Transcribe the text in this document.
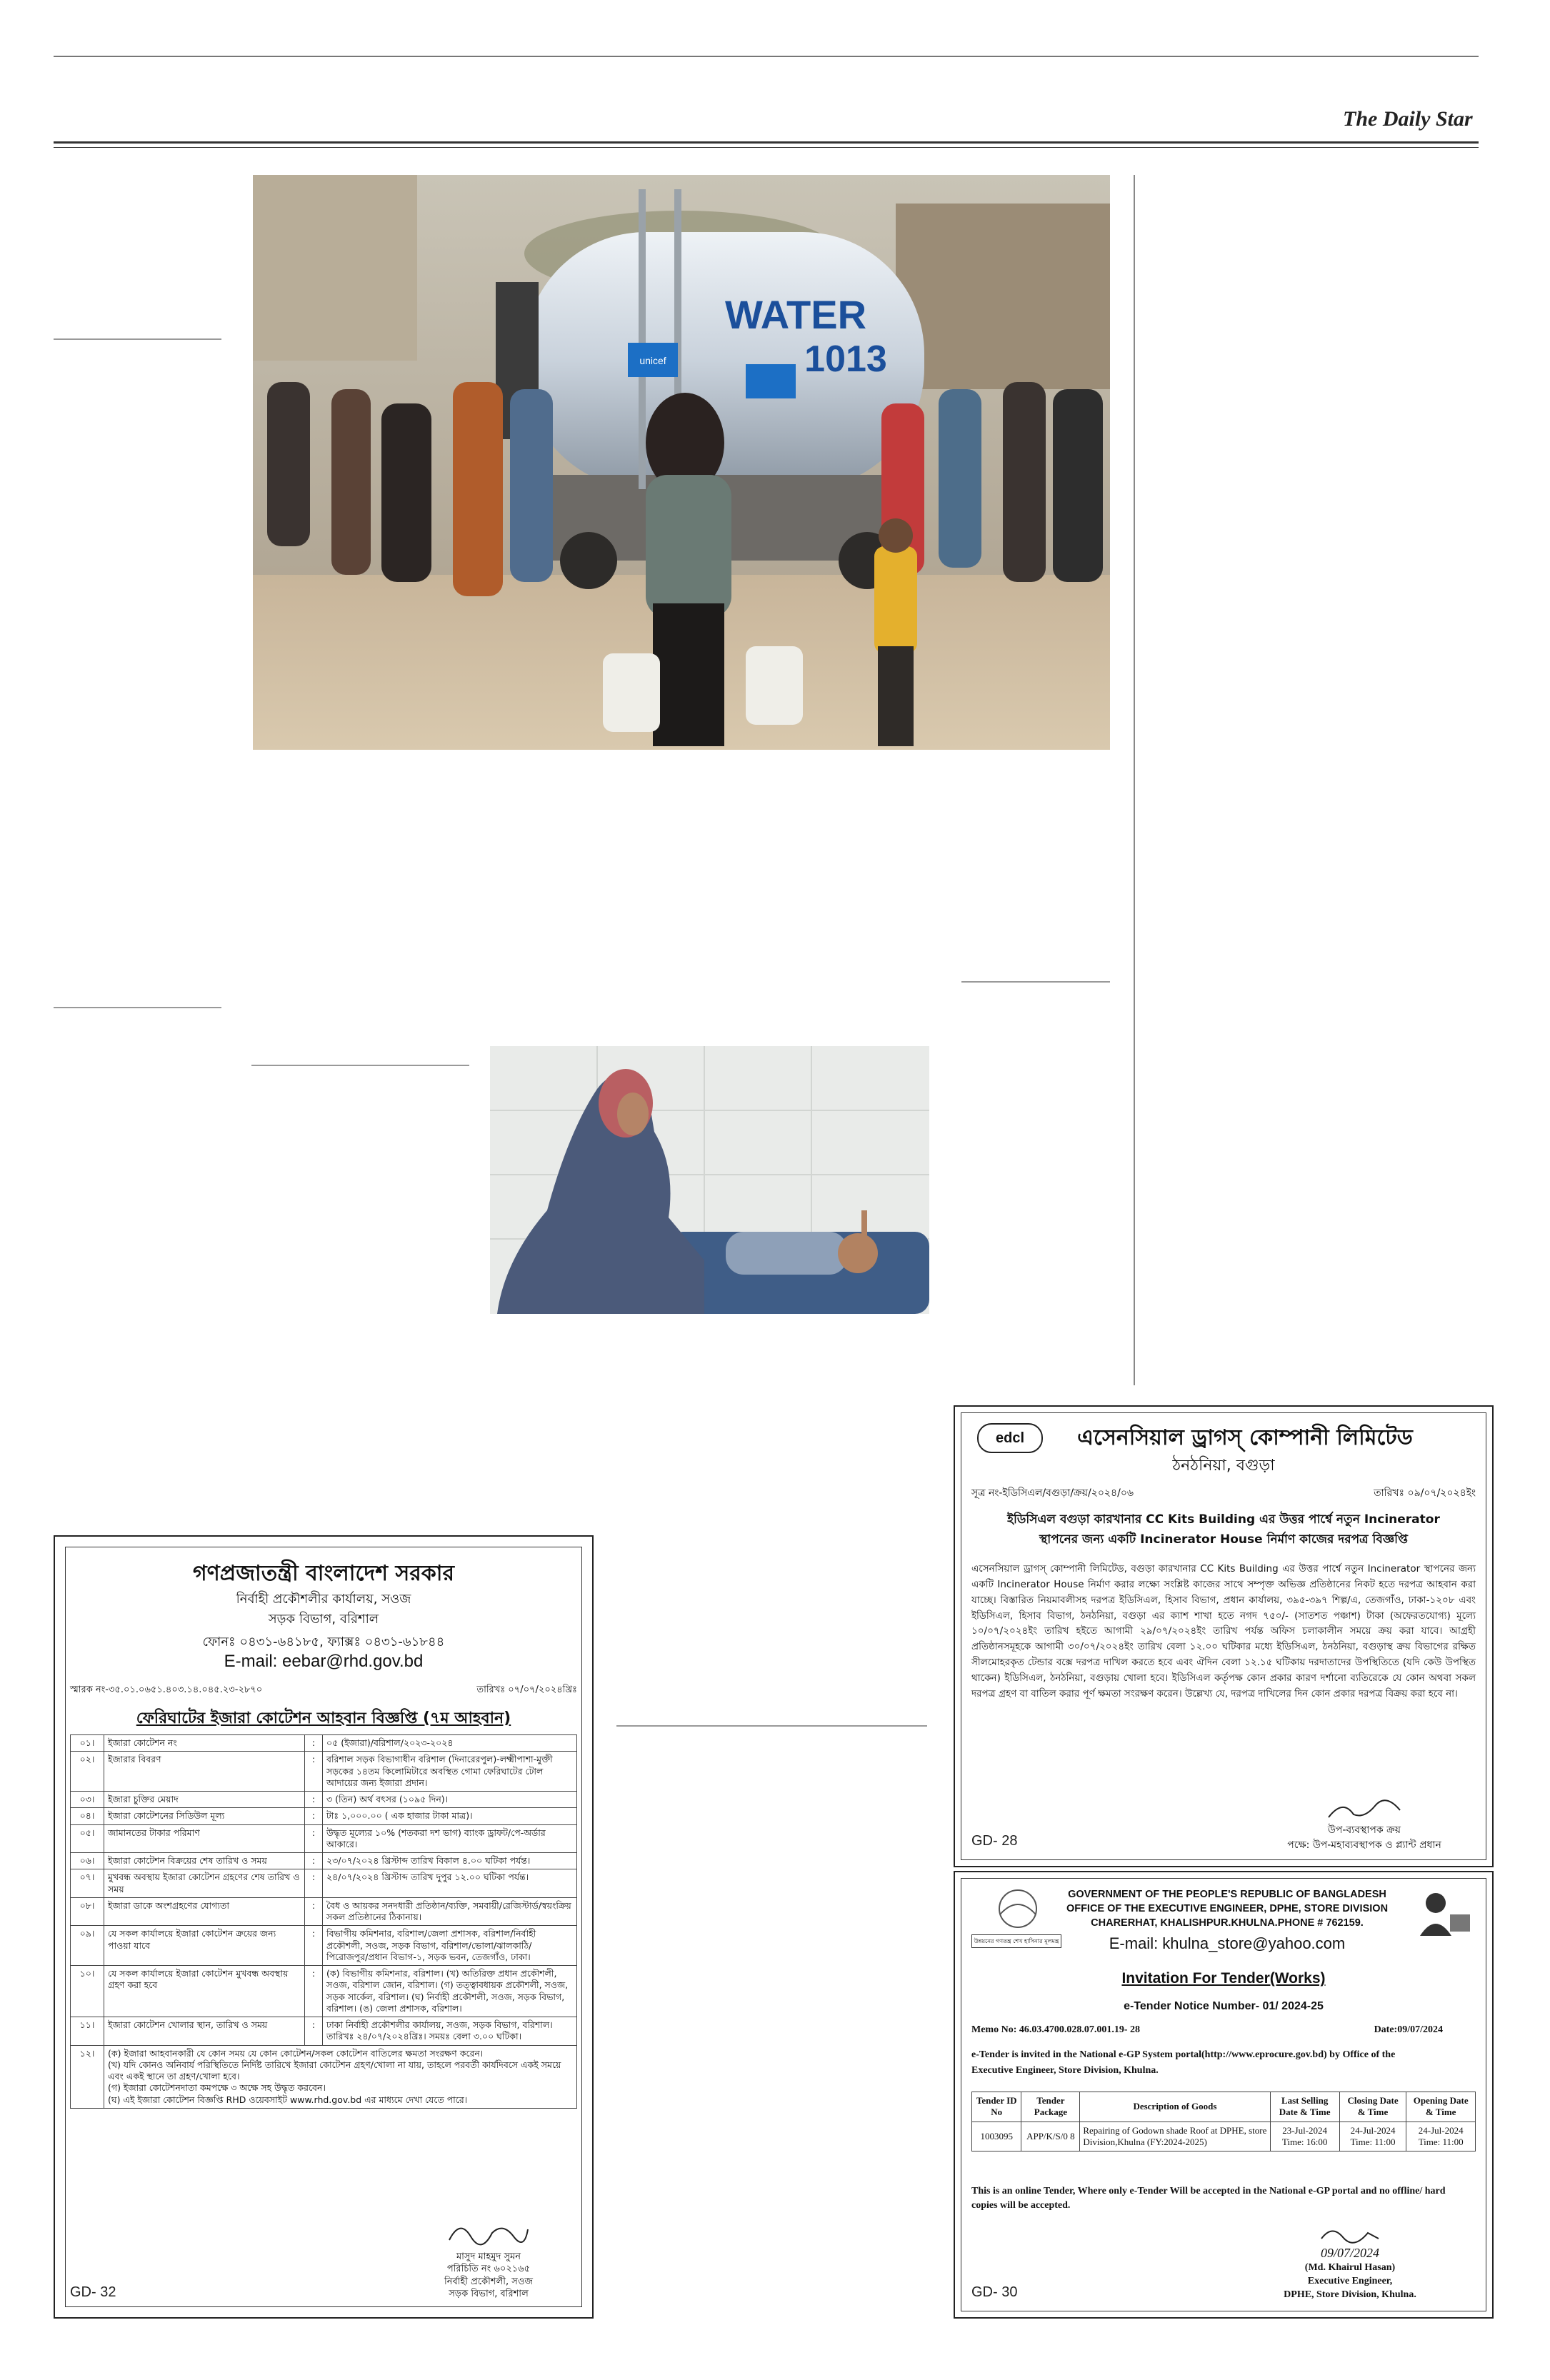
The Daily Star
WATER
1013
unicef
গণপ্রজাতন্ত্রী বাংলাদেশ সরকার
নির্বাহী প্রকৌশলীর কার্যালয়, সওজ
সড়ক বিভাগ, বরিশাল
ফোনঃ ০৪৩১-৬৪১৮৫, ফ্যাক্সঃ ০৪৩১-৬১৮৪৪
E-mail: eebar@rhd.gov.bd
স্মারক নং-৩৫.০১.০৬৫১.৪০৩.১৪.০৪৫.২৩-২৮৭০	তারিখঃ ০৭/০৭/২০২৪খ্রিঃ
ফেরিঘাটের ইজারা কোটেশন আহবান বিজ্ঞপ্তি (৭ম আহবান)
০১।	ইজারা কোটেশন নং	:	০৫ (ইজারা)/বরিশাল/২০২৩-২০২৪
০২।	ইজারার বিবরণ	:	বরিশাল সড়ক বিভাগাধীন বরিশাল (দিনারেরপুল)-লক্ষ্মীপাশা-মুক্তী সড়কের ১৪তম কিলোমিটারে অবস্থিত গোমা ফেরিঘাটের টোল আদায়ের জন্য ইজারা প্রদান।
০৩।	ইজারা চুক্তির মেয়াদ	:	৩ (তিন) অর্থ বৎসর (১০৯৫ দিন)।
০৪।	ইজারা কোটেশনের সিডিউল মূল্য	:	টাঃ ১,০০০.০০ ( এক হাজার টাকা মাত্র)।
০৫।	জামানতের টাকার পরিমাণ	:	উদ্ধৃত মূল্যের ১০% (শতকরা দশ ভাগ) ব্যাংক ড্রাফট/পে-অর্ডার আকারে।
০৬।	ইজারা কোটেশন বিক্রয়ের শেষ তারিখ ও সময়	:	২৩/০৭/২০২৪ খ্রিস্টাব্দ তারিখ বিকাল ৪.০০ ঘটিকা পর্যন্ত।
০৭।	মুখবন্ধ অবস্থায় ইজারা কোটেশন গ্রহণের শেষ তারিখ ও সময়	:	২৪/০৭/২০২৪ খ্রিস্টাব্দ তারিখ দুপুর ১২.০০ ঘটিকা পর্যন্ত।
০৮।	ইজারা ডাকে অংশগ্রহণের যোগ্যতা	:	বৈধ ও আয়কর সনদধারী প্রতিষ্ঠান/ব্যক্তি, সমবায়ী/রেজিস্টার্ড/স্বয়ংক্রিয় সকল প্রতিষ্ঠানের ঠিকানায়।
০৯।	যে সকল কার্যালয়ে ইজারা কোটেশন ক্রয়ের জন্য পাওয়া যাবে	:	বিভাগীয় কমিশনার, বরিশাল/জেলা প্রশাসক, বরিশাল/নির্বাহী প্রকৌশলী, সওজ, সড়ক বিভাগ, বরিশাল/ভোলা/ঝালকাঠি/পিরোজপুর/প্রধান বিভাগ-১, সড়ক ভবন, তেজগাঁও, ঢাকা।
১০।	যে সকল কার্যালয়ে ইজারা কোটেশন মুখবন্ধ অবস্থায় গ্রহণ করা হবে	:	(ক) বিভাগীয় কমিশনার, বরিশাল। (খ) অতিরিক্ত প্রধান প্রকৌশলী, সওজ, বরিশাল জোন, বরিশাল। (গ) তত্ত্বাবধায়ক প্রকৌশলী, সওজ, সড়ক সার্কেল, বরিশাল। (ঘ) নির্বাহী প্রকৌশলী, সওজ, সড়ক বিভাগ, বরিশাল। (ঙ) জেলা প্রশাসক, বরিশাল।
১১।	ইজারা কোটেশন খোলার স্থান, তারিখ ও সময়	:	ঢাকা নির্বাহী প্রকৌশলীর কার্যালয়, সওজ, সড়ক বিভাগ, বরিশাল। তারিখঃ ২৪/০৭/২০২৪খ্রিঃ। সময়ঃ বেলা ৩.০০ ঘটিকা।
১২।	(ক) ইজারা আহবানকারী যে কোন সময় যে কোন কোটেশন/সকল কোটেশন বাতিলের ক্ষমতা সংরক্ষণ করেন।
(খ) যদি কোনও অনিবার্য পরিস্থিতিতে নির্দিষ্ট তারিখে ইজারা কোটেশন গ্রহণ/খোলা না যায়, তাহলে পরবর্তী কার্যদিবসে একই সময়ে এবং একই স্থানে তা গ্রহণ/খোলা হবে।
(গ) ইজারা কোটেশনদাতা কমপক্ষে ৩ অক্ষে সহ উদ্ধৃত করবেন।
(ঘ) এই ইজারা কোটেশন বিজ্ঞপ্তি RHD ওয়েবসাইট www.rhd.gov.bd এর মাধ্যমে দেখা যেতে পারে।		
মাসুদ মাহমুদ সুমন
পরিচিতি নং ৬০২১৬৫
নির্বাহী প্রকৌশলী, সওজ
সড়ক বিভাগ, বরিশাল
GD- 32
edcl	এসেনসিয়াল ড্রাগস্ কোম্পানী লিমিটেড
ঠনঠনিয়া, বগুড়া
সূত্র নং-ইডিসিএল/বগুড়া/ক্রয়/২০২৪/০৬	তারিখঃ ০৯/০৭/২০২৪ইং
ইডিসিএল বগুড়া কারখানার CC Kits Building এর উত্তর পার্শ্বে নতুন Incinerator
স্থাপনের জন্য একটি Incinerator House নির্মাণ কাজের দরপত্র বিজ্ঞপ্তি
এসেনসিয়াল ড্রাগস্ কোম্পানী লিমিটেড, বগুড়া কারখানার CC Kits Building এর উত্তর পার্শ্বে নতুন Incinerator স্থাপনের জন্য একটি Incinerator House নির্মাণ করার লক্ষ্যে সংশ্লিষ্ট কাজের সাথে সম্পৃক্ত অভিজ্ঞ প্রতিষ্ঠানের নিকট হতে দরপত্র আহবান করা যাচ্ছে। বিস্তারিত নিয়মাবলীসহ দরপত্র ইডিসিএল, হিসাব বিভাগ, প্রধান কার্যালয়, ৩৯৫-৩৯৭ শিল্প/এ, তেজগাঁও, ঢাকা-১২০৮ এবং ইডিসিএল, হিসাব বিভাগ, ঠনঠনিয়া, বগুড়া এর ক্যাশ শাখা হতে নগদ ৭৫০/- (সাতশত পঞ্চাশ) টাকা (অফেরতযোগ্য) মূল্যে ১০/০৭/২০২৪ইং তারিখ হইতে আগামী ২৯/০৭/২০২৪ইং তারিখ পর্যন্ত অফিস চলাকালীন সময়ে ক্রয় করা যাবে। আগ্রহী প্রতিষ্ঠানসমূহকে আগামী ৩০/০৭/২০২৪ইং তারিখ বেলা ১২.০০ ঘটিকার মধ্যে ইডিসিএল, ঠনঠনিয়া, বগুড়াস্থ ক্রয় বিভাগের রক্ষিত সীলমোহরকৃত টেন্ডার বক্সে দরপত্র দাখিল করতে হবে এবং ঐদিন বেলা ১২.১৫ ঘটিকায় দরদাতাদের উপস্থিতিতে (যদি কেউ উপস্থিত থাকেন) ইডিসিএল, ঠনঠনিয়া, বগুড়ায় খোলা হবে। ইডিসিএল কর্তৃপক্ষ কোন প্রকার কারণ দর্শানো ব্যতিরেকে যে কোন অথবা সকল দরপত্র গ্রহণ বা বাতিল করার পূর্ণ ক্ষমতা সংরক্ষণ করেন। উল্লেখ্য যে, দরপত্র দাখিলের দিন কোন প্রকার দরপত্র বিক্রয় করা হবে না।
উপ-ব্যবস্থাপক ক্রয়
পক্ষে: উপ-মহাব্যবস্থাপক ও প্ল্যান্ট প্রধান
GD- 28
উন্নয়নের গণতন্ত্র শেখ হাসিনার মূলমন্ত্র
GOVERNMENT OF THE PEOPLE'S REPUBLIC OF BANGLADESH
OFFICE OF THE EXECUTIVE ENGINEER, DPHE, STORE DIVISION
CHARERHAT, KHALISHPUR.KHULNA.PHONE # 762159.
E-mail: khulna_store@yahoo.com
Invitation For Tender(Works)
e-Tender Notice Number- 01/ 2024-25
Memo No: 46.03.4700.028.07.001.19- 28	Date:09/07/2024
e-Tender is invited in the National e-GP System portal(http://www.eprocure.gov.bd) by Office of the Executive Engineer, Store Division, Khulna.
Tender ID No	Tender Package	Description of Goods	Last Selling Date & Time	Closing Date & Time	Opening Date & Time
1003095	APP/K/S/0 8	Repairing of Godown shade Roof at DPHE, store Division,Khulna (FY:2024-2025)	23-Jul-2024 Time: 16:00	24-Jul-2024 Time: 11:00	24-Jul-2024 Time: 11:00
This is an online Tender, Where only e-Tender Will be accepted in the National e-GP portal and no offline/ hard copies will be accepted.
09/07/2024
(Md. Khairul Hasan)
Executive Engineer,
DPHE, Store Division, Khulna.
GD- 30
